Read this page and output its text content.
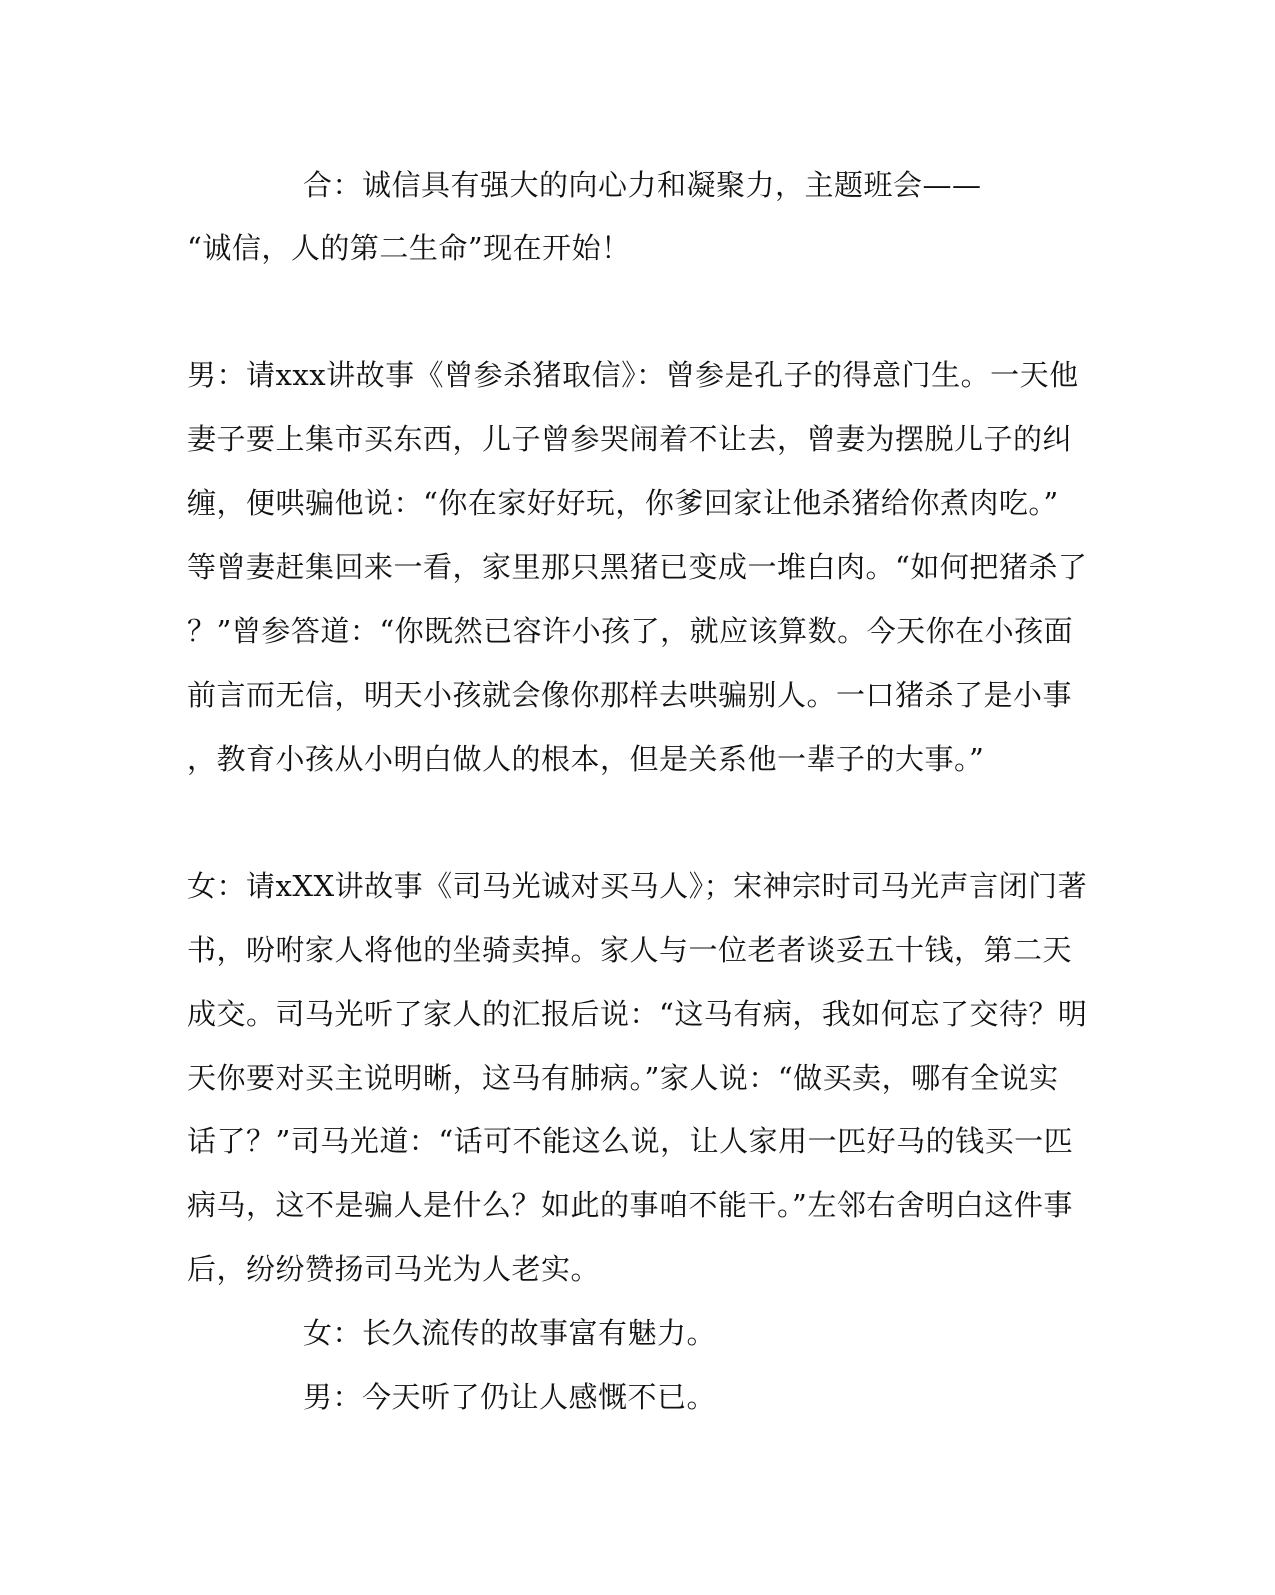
合：诚信具有强大的向心力和凝聚力，主题班会——

“诚信，人的第二生命”现在开始！

男：请xxx讲故事《曾参杀猪取信》：曾参是孔子的得意门生。一天他

妻子要上集市买东西，儿子曾参哭闹着不让去，曾妻为摆脱儿子的纠

缠，便哄骗他说：“你在家好好玩，你爹回家让他杀猪给你煮肉吃。”

等曾妻赶集回来一看，家里那只黑猪已变成一堆白肉。“如何把猪杀了

？”曾参答道：“你既然已容许小孩了，就应该算数。今天你在小孩面

前言而无信，明天小孩就会像你那样去哄骗别人。一口猪杀了是小事

，教育小孩从小明白做人的根本，但是关系他一辈子的大事。”

女：请xXX讲故事《司马光诚对买马人》；宋神宗时司马光声言闭门著

书，吩咐家人将他的坐骑卖掉。家人与一位老者谈妥五十钱，第二天

成交。司马光听了家人的汇报后说：“这马有病，我如何忘了交待？明

天你要对买主说明晰，这马有肺病。”家人说：“做买卖，哪有全说实

话了？”司马光道：“话可不能这么说，让人家用一匹好马的钱买一匹

病马，这不是骗人是什么？如此的事咱不能干。”左邻右舍明白这件事

后，纷纷赞扬司马光为人老实。

女：长久流传的故事富有魅力。

男：今天听了仍让人感慨不已。
